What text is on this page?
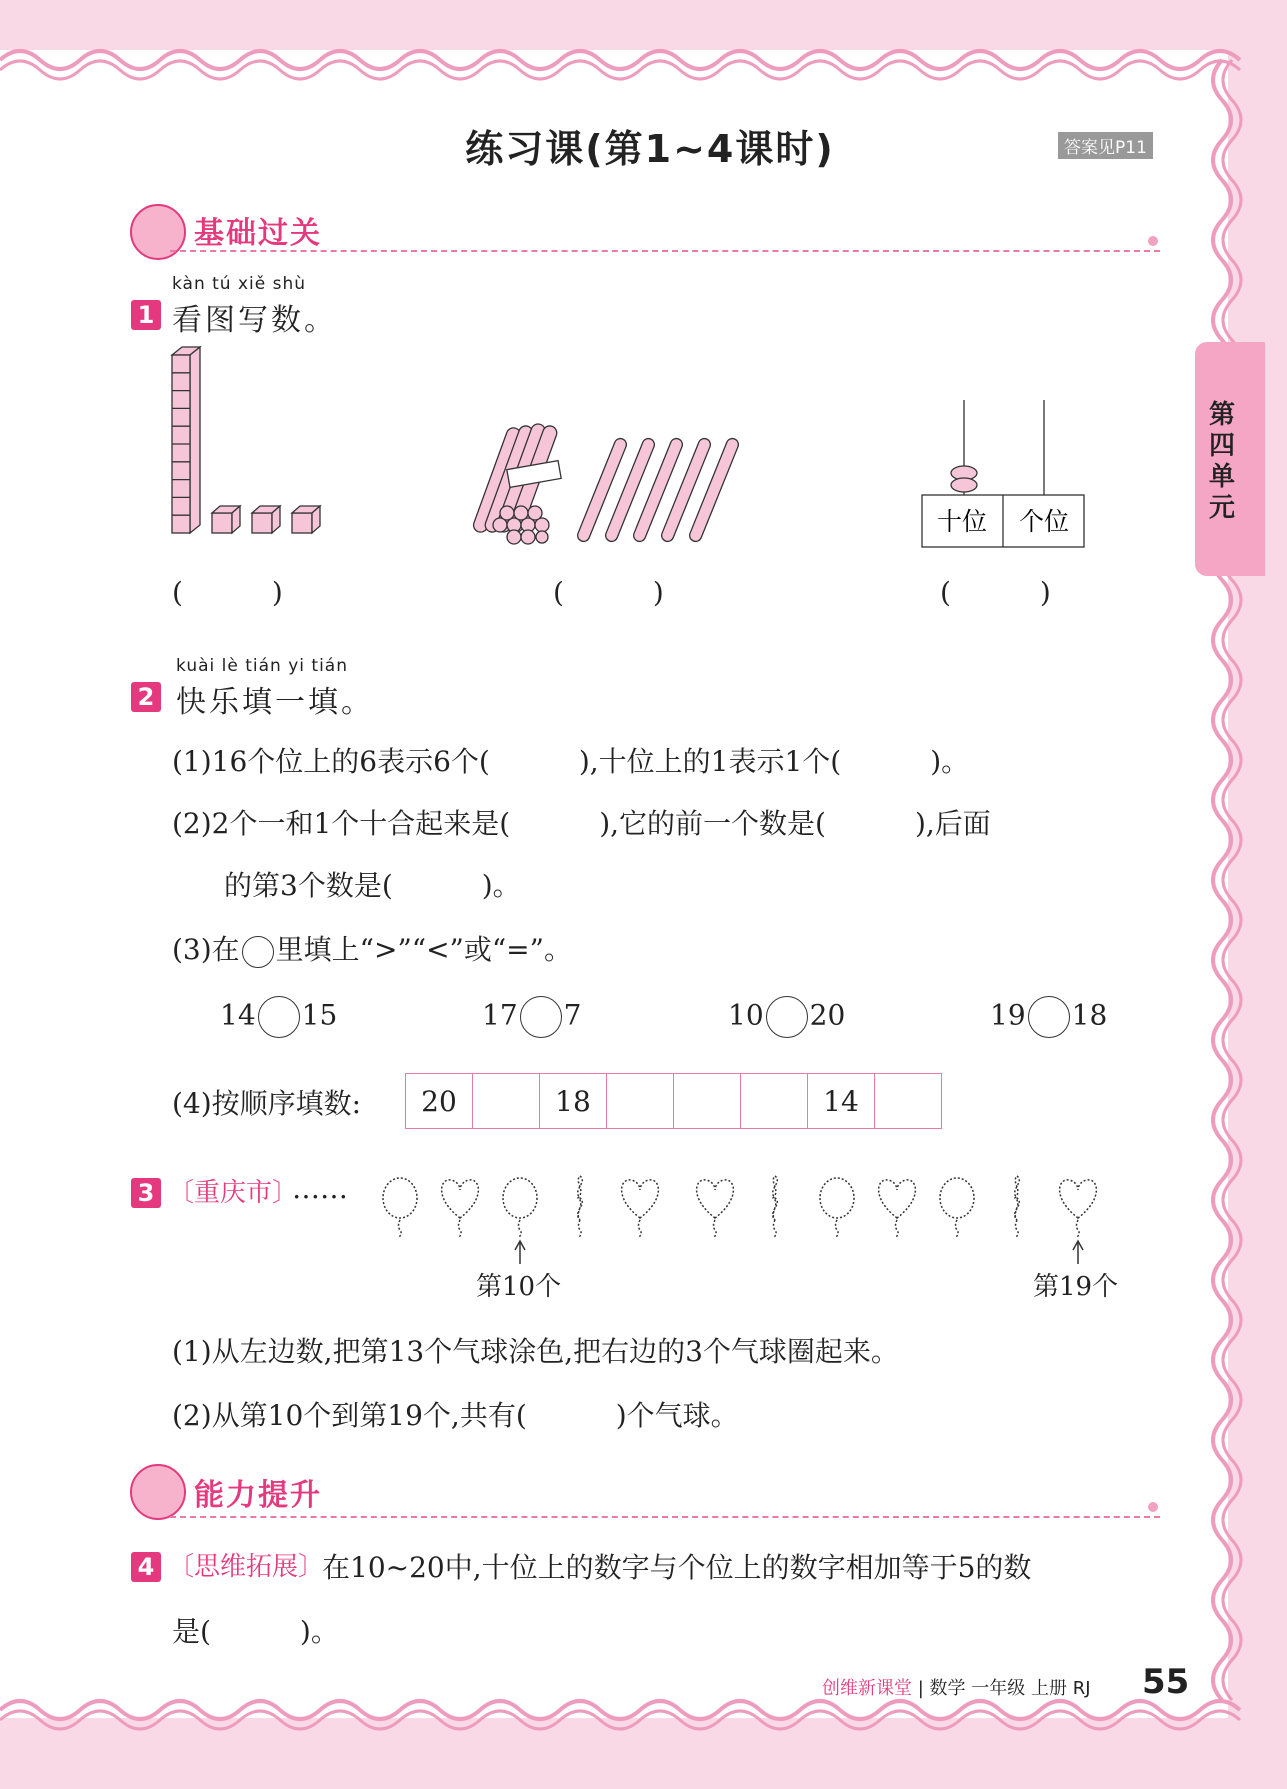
第四单元
练习课(第1~4课时)	答案见P11
基础过关
kàn tú xiě shù
1 看图写数。
十位 个位
(          )	(          )	(          )
kuài lè tián yi tián
2 快乐填一填。
(1)16个位上的6表示6个(          ),十位上的1表示1个(          )。
(2)2个一和1个十合起来是(          ),它的前一个数是(          ),后面
的第3个数是(          )。
(3)在 里填上“>”“<”或“=”。
14 15	17 7	10 20	19 18
(4)按顺序填数: 20		18				14	
3 〔重庆市〕
……
第10个	第19个
(1)从左边数,把第13个气球涂色,把右边的3个气球圈起来。
(2)从第10个到第19个,共有(          )个气球。
能力提升
4 〔思维拓展〕
在10~20中,十位上的数字与个位上的数字相加等于5的数
是(          )。
创维新课堂 | 数学 一年级 上册 RJ 55
